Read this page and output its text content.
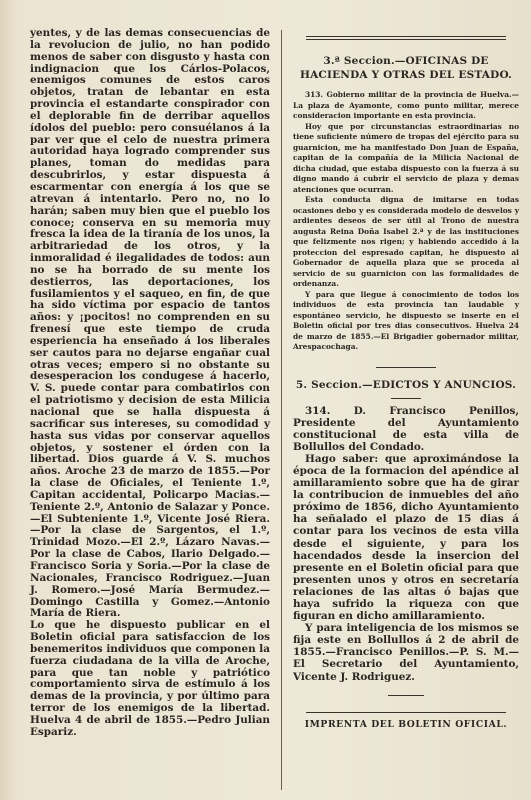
yentes, y de las demas consecuencias de la revolucion de julio, no han podido menos de saber con disgusto y hasta con indignacion que los Cárlos-Polacos, enemigos comunes de estos caros objetos, tratan de lebantar en esta provincia el estandarte conspirador con el deplorable fin de derribar aquellos ídolos del pueblo: pero consuélanos á la par ver que el celo de nuestra primera autoridad haya logrado comprender sus planes, toman do medidas para descubrirlos, y estar dispuesta á escarmentar con energía á los que se atrevan á intentarlo. Pero no, no lo harán; saben muy bien que el pueblo los conoce; conserva en su memoria muy fresca la idea de la tiranía de los unos, la arbitrariedad de los otros, y la inmoralidad é ilegalidades de todos: aun no se ha borrado de su mente los destierros, las deportaciones, los fusilamientos y el saqueo, en fin, de que ha sido víctima por espacio de tantos años: y ¡pocitos! no comprenden en su frenesí que este tiempo de cruda esperiencia ha enseñado á los liberales ser cautos para no dejarse engañar cual otras veces; empero si no obstante su desesperacion los condugese á hacerlo, V. S. puede contar para combatirlos con el patriotismo y decision de esta Milicia nacional que se halla dispuesta á sacrificar sus intereses, su comodidad y hasta sus vidas por conservar aquellos objetos, y sostener el órden con la libertad. Dios guarde á V. S. muchos años. Aroche 23 de marzo de 1855.—Por la clase de Oficiales, el Teniente 1.º, Capitan accidental, Policarpo Macias.—Teniente 2.º, Antonio de Salazar y Ponce.—El Subteniente 1.º, Vicente José Riera.—Por la clase de Sargentos, el 1.º, Trinidad Mozo.—El 2.º, Lázaro Navas.—Por la clase de Cabos, Ilario Delgado.—Francisco Soria y Soria.—Por la clase de Nacionales, Francisco Rodriguez.—Juan J. Romero.—José María Bermudez.—Domingo Castilla y Gomez.—Antonio María de Riera.

Lo que he dispuesto publicar en el Boletin oficial para satisfaccion de los benemeritos individuos que componen la fuerza ciudadana de la villa de Aroche, para que tan noble y patriótico comportamiento sirva de estímulo á los demas de la provincia, y por último para terror de los enemigos de la libertad. Huelva 4 de abril de 1855.—Pedro Julian Espariz.

3.ª Seccion.—OFICINAS DE HACIENDA Y OTRAS DEL ESTADO.

313. Gobierno militar de la provincia de Huelva.—La plaza de Ayamonte, como punto militar, merece consideracion importante en esta provincia.

Hoy que por circunstancias estraordinarias no tiene suficiente número de tropas del ejército para su guarnicion, me ha manifestado Don Juan de España, capitan de la compañía de la Milicia Nacional de dicha ciudad, que estaba dispuesto con la fuerza á su digno mando á cubrir el servicio de plaza y demas atenciones que ocurran.

Esta conducta digna de imitarse en todas ocasiones debo y es considerada modelo de desvelos y ardientes deseos de ser útil al Trono de nuestra augusta Reina Doña Isabel 2.ª y de las instituciones que felizmente nos rigen; y habiendo accedido á la proteccion del espresado capitan, he dispuesto al Gobernador de aquella plaza que se proceda al servicio de su guarnicion con las formalidades de ordenanza.

Y para que llegue á conocimiento de todos los individuos de esta provincia tan laudable y espontáneo servicio, he dispuesto se inserte en el Boletin oficial por tres dias consecutivos. Huelva 24 de marzo de 1855.—El Brigadier gobernador militar, Arespacochaga.

5. Seccion.—EDICTOS Y ANUNCIOS.

314. D. Francisco Penillos, Presidente del Ayuntamiento constitucional de esta villa de Bollullos del Condado.

Hago saber: que aproximándose la época de la formacion del apéndice al amillaramiento sobre que ha de girar la contribucion de inmuebles del año próximo de 1856, dicho Ayuntamiento ha señalado el plazo de 15 dias á contar para los vecinos de esta villa desde el siguiente, y para los hacendados desde la insercion del presente en el Boletin oficial para que presenten unos y otros en secretaría relaciones de las altas ó bajas que haya sufrido la riqueza con que figuran en dicho amillaramiento.

Y para inteligencia de los mismos se fija este en Bollullos á 2 de abril de 1855.—Francisco Penillos.—P. S. M.—El Secretario del Ayuntamiento, Vicente J. Rodriguez.

IMPRENTA DEL BOLETIN OFICIAL.
